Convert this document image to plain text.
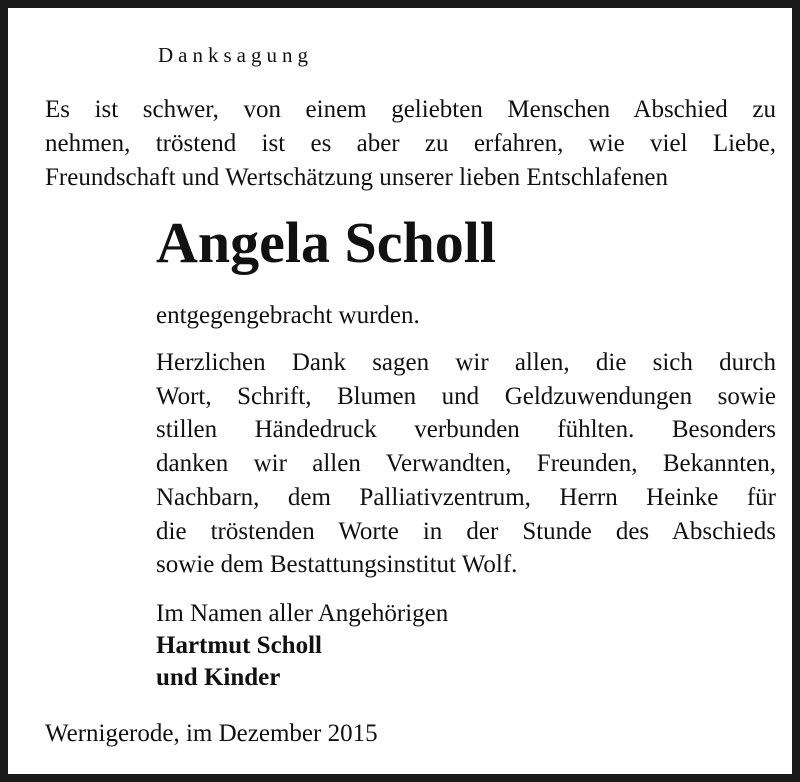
Danksagung
Es ist schwer, von einem geliebten Menschen Abschied zu
nehmen, tröstend ist es aber zu erfahren, wie viel Liebe,
Freundschaft und Wertschätzung unserer lieben Entschlafenen
Angela Scholl
entgegengebracht wurden.
Herzlichen Dank sagen wir allen, die sich durch
Wort, Schrift, Blumen und Geldzuwendungen sowie
stillen Händedruck verbunden fühlten. Besonders
danken wir allen Verwandten, Freunden, Bekannten,
Nachbarn, dem Palliativzentrum, Herrn Heinke für
die tröstenden Worte in der Stunde des Abschieds
sowie dem Bestattungsinstitut Wolf.
Im Namen aller Angehörigen
Hartmut Scholl
und Kinder
Wernigerode, im Dezember 2015
